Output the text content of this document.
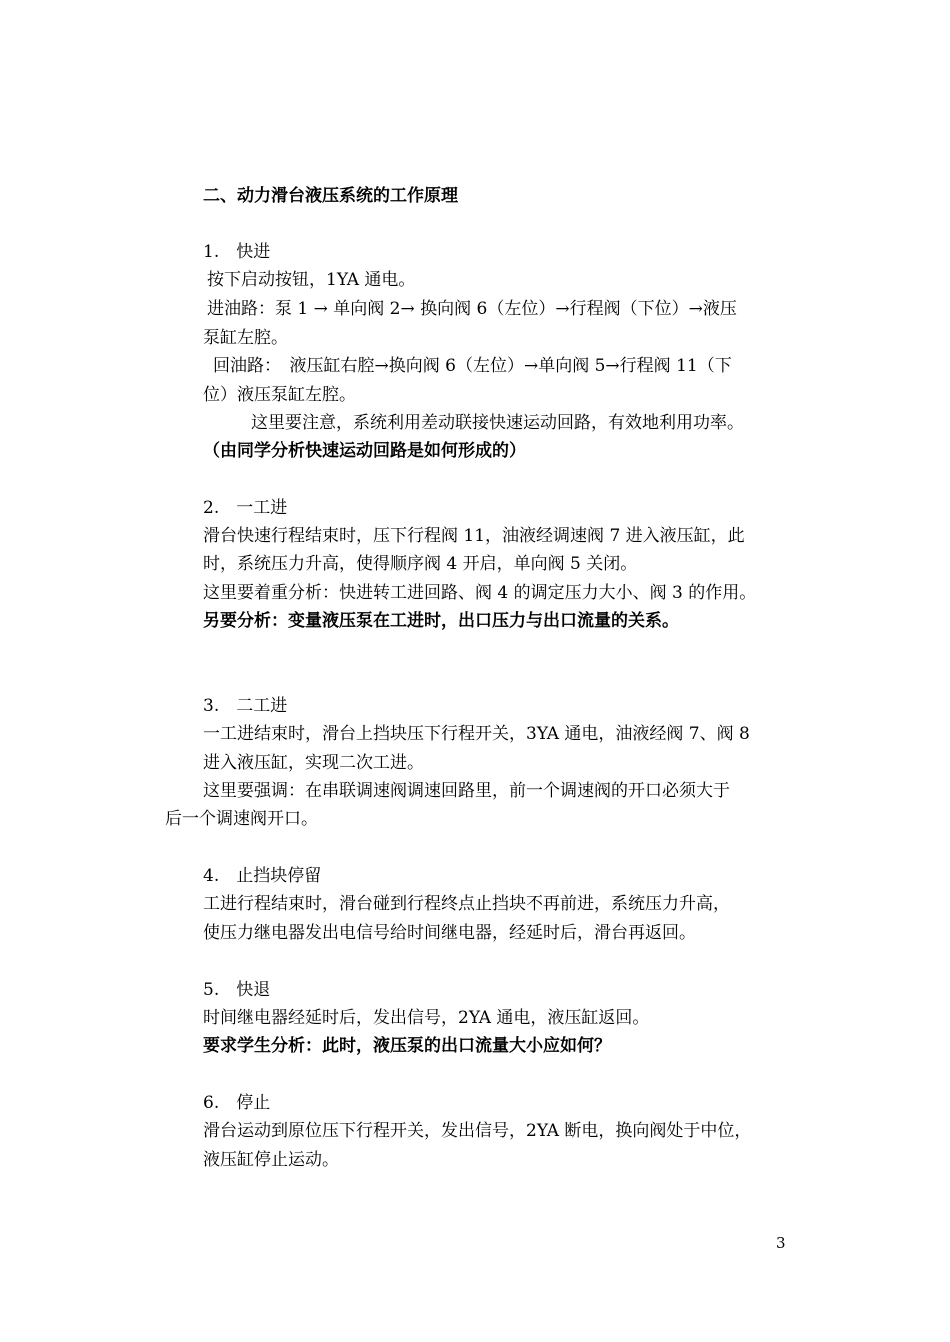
二、动力滑台液压系统的工作原理
1.　快进
按下启动按钮，1YA 通电。
进油路：泵 1 → 单向阀 2→ 换向阀 6（左位）→行程阀（下位）→液压
泵缸左腔。
回油路：　液压缸右腔→换向阀 6（左位）→单向阀 5→行程阀 11（下
位）液压泵缸左腔。
这里要注意，系统利用差动联接快速运动回路，有效地利用功率。
（由同学分析快速运动回路是如何形成的）
2.　一工进
滑台快速行程结束时，压下行程阀 11，油液经调速阀 7 进入液压缸，此
时，系统压力升高，使得顺序阀 4 开启，单向阀 5 关闭。
这里要着重分析：快进转工进回路、阀 4 的调定压力大小、阀 3 的作用。
另要分析：变量液压泵在工进时，出口压力与出口流量的关系。
3.　二工进
一工进结束时，滑台上挡块压下行程开关，3YA 通电，油液经阀 7、阀 8
进入液压缸，实现二次工进。
这里要强调：在串联调速阀调速回路里，前一个调速阀的开口必须大于
后一个调速阀开口。
4.　止挡块停留
工进行程结束时，滑台碰到行程终点止挡块不再前进，系统压力升高，
使压力继电器发出电信号给时间继电器，经延时后，滑台再返回。
5.　快退
时间继电器经延时后，发出信号，2YA 通电，液压缸返回。
要求学生分析：此时，液压泵的出口流量大小应如何？
6.　停止
滑台运动到原位压下行程开关，发出信号，2YA 断电，换向阀处于中位，
液压缸停止运动。
3
